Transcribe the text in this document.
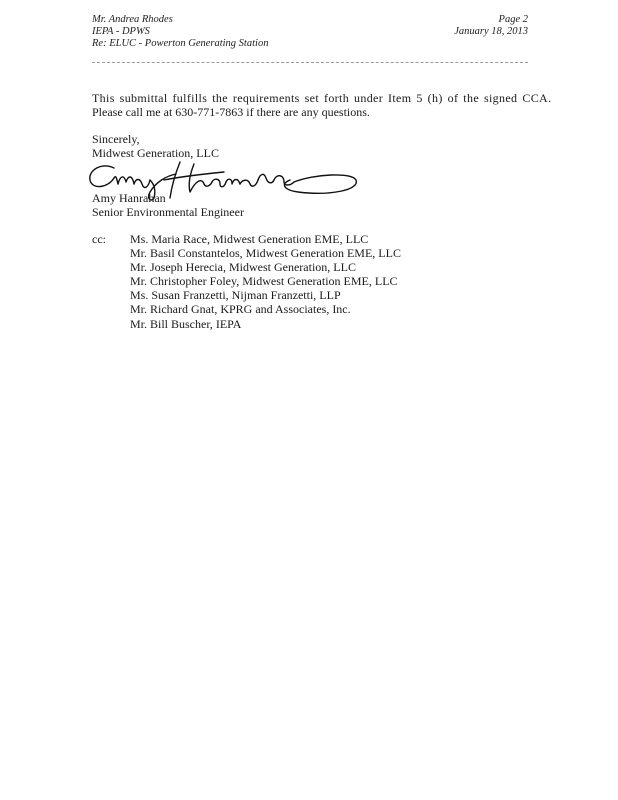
Mr. Andrea Rhodes
IEPA - DPWS
Re: ELUC - Powerton Generating Station
Page 2
January 18, 2013
This submittal fulfills the requirements set forth under Item 5 (h) of the signed CCA.
Please call me at 630-771-7863 if there are any questions.
Sincerely,
Midwest Generation, LLC
Amy Hanrahan
Senior Environmental Engineer
cc: Ms. Maria Race, Midwest Generation EME, LLC
Mr. Basil Constantelos, Midwest Generation EME, LLC
Mr. Joseph Herecia, Midwest Generation, LLC
Mr. Christopher Foley, Midwest Generation EME, LLC
Ms. Susan Franzetti, Nijman Franzetti, LLP
Mr. Richard Gnat, KPRG and Associates, Inc.
Mr. Bill Buscher, IEPA
